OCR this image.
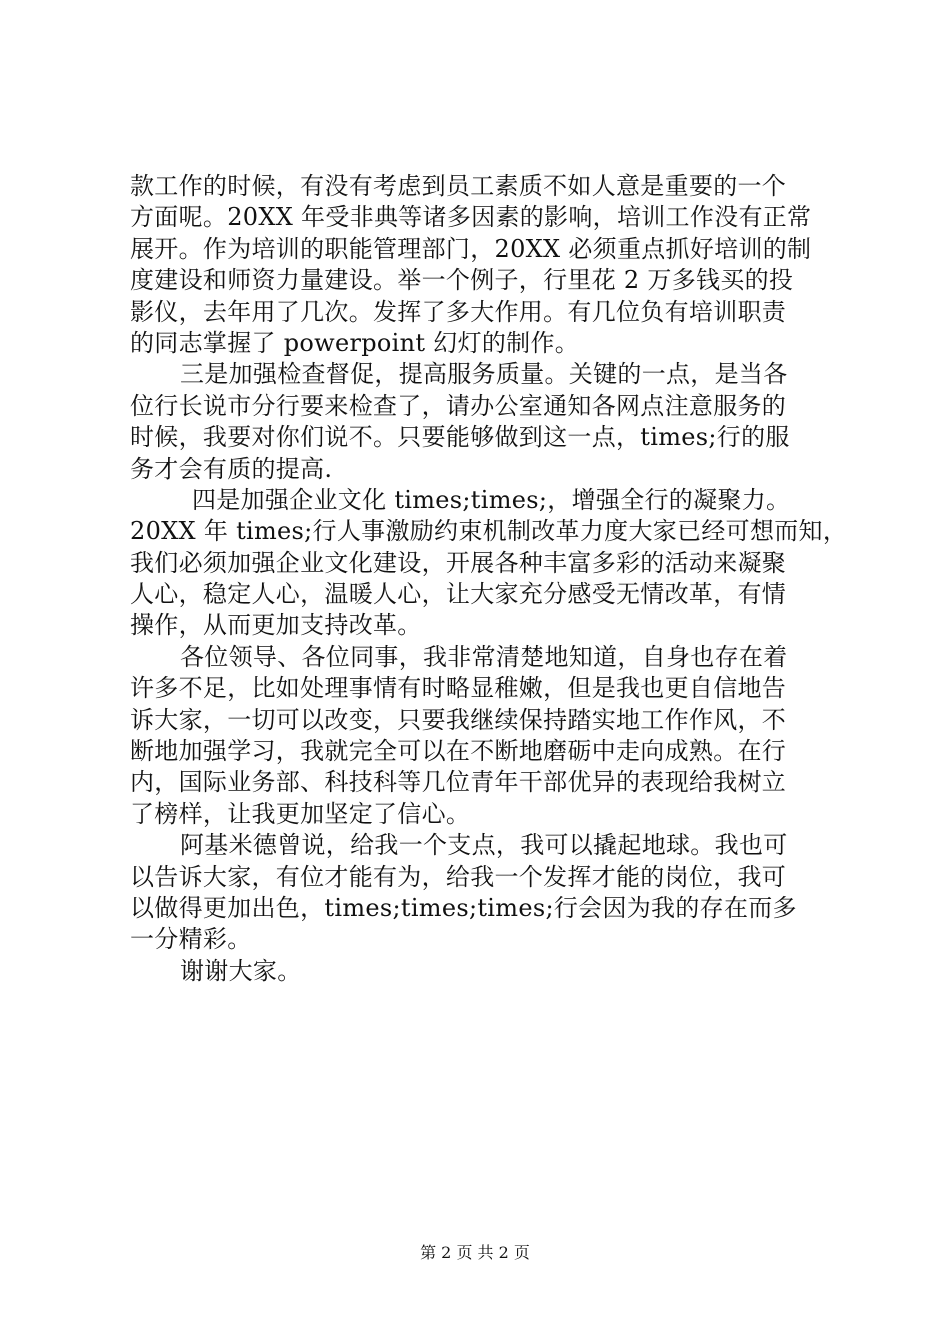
款工作的时候，有没有考虑到员工素质不如人意是重要的一个
方面呢。20XX 年受非典等诸多因素的影响，培训工作没有正常
展开。作为培训的职能管理部门，20XX 必须重点抓好培训的制
度建设和师资力量建设。举一个例子，行里花 2 万多钱买的投
影仪，去年用了几次。发挥了多大作用。有几位负有培训职责
的同志掌握了 powerpoint 幻灯的制作。
三是加强检查督促，提高服务质量。关键的一点，是当各
位行长说市分行要来检查了，请办公室通知各网点注意服务的
时候，我要对你们说不。只要能够做到这一点，times;行的服
务才会有质的提高.
四是加强企业文化 times;times;，增强全行的凝聚力。
20XX 年 times;行人事激励约束机制改革力度大家已经可想而知，
我们必须加强企业文化建设，开展各种丰富多彩的活动来凝聚
人心，稳定人心，温暖人心，让大家充分感受无情改革，有情
操作，从而更加支持改革。
各位领导、各位同事，我非常清楚地知道，自身也存在着
许多不足，比如处理事情有时略显稚嫩，但是我也更自信地告
诉大家，一切可以改变，只要我继续保持踏实地工作作风，不
断地加强学习，我就完全可以在不断地磨砺中走向成熟。在行
内，国际业务部、科技科等几位青年干部优异的表现给我树立
了榜样，让我更加坚定了信心。
阿基米德曾说，给我一个支点，我可以撬起地球。我也可
以告诉大家，有位才能有为，给我一个发挥才能的岗位，我可
以做得更加出色，times;times;times;行会因为我的存在而多
一分精彩。
谢谢大家。
第 2 页 共 2 页
